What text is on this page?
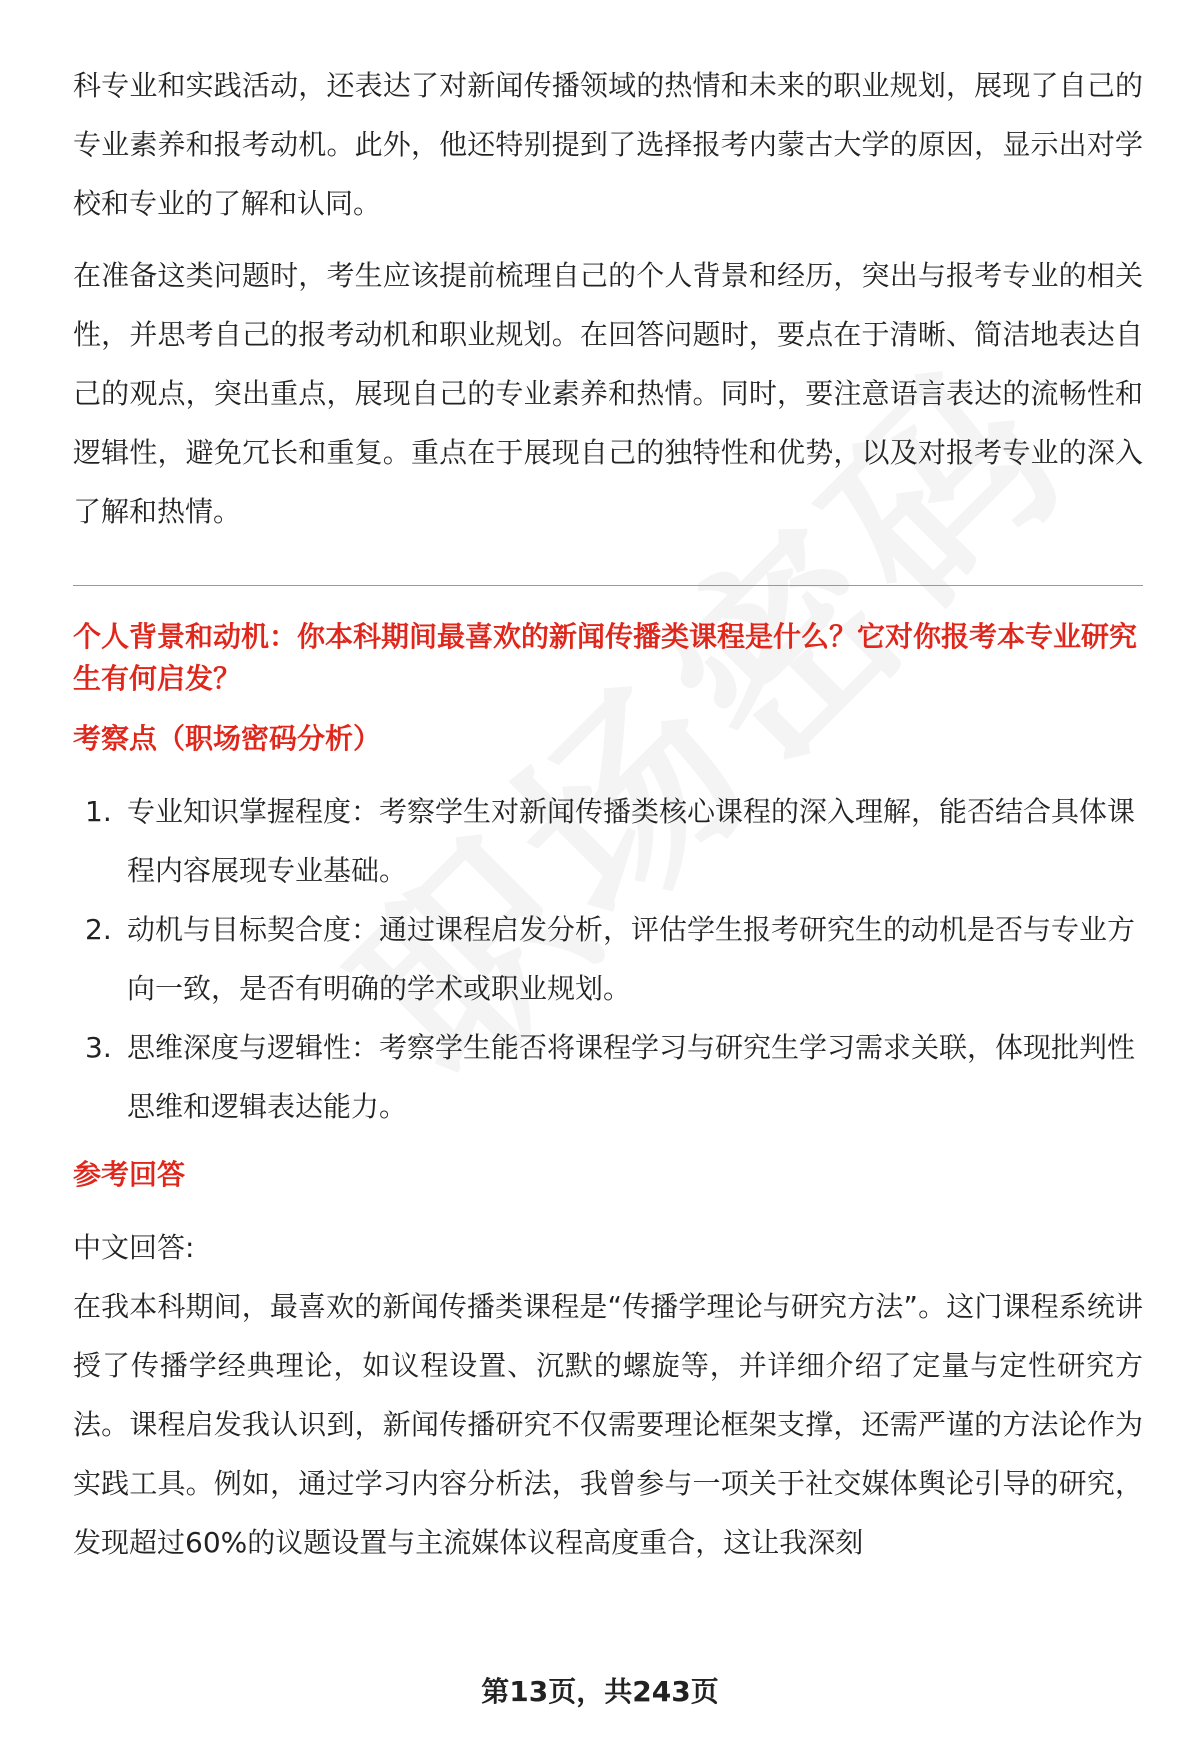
科专业和实践活动，还表达了对新闻传播领域的热情和未来的职业规划，展现了自己的专业素养和报考动机。此外，他还特别提到了选择报考内蒙古大学的原因，显示出对学校和专业的了解和认同。

在准备这类问题时，考生应该提前梳理自己的个人背景和经历，突出与报考专业的相关性，并思考自己的报考动机和职业规划。在回答问题时，要点在于清晰、简洁地表达自己的观点，突出重点，展现自己的专业素养和热情。同时，要注意语言表达的流畅性和逻辑性，避免冗长和重复。重点在于展现自己的独特性和优势，以及对报考专业的深入了解和热情。

个人背景和动机：你本科期间最喜欢的新闻传播类课程是什么？它对你报考本专业研究生有何启发？
考察点（职场密码分析）
1. 专业知识掌握程度：考察学生对新闻传播类核心课程的深入理解，能否结合具体课程内容展现专业基础。
2. 动机与目标契合度：通过课程启发分析，评估学生报考研究生的动机是否与专业方向一致，是否有明确的学术或职业规划。
3. 思维深度与逻辑性：考察学生能否将课程学习与研究生学习需求关联，体现批判性思维和逻辑表达能力。
参考回答

中文回答:

在我本科期间，最喜欢的新闻传播类课程是“传播学理论与研究方法”。这门课程系统讲授了传播学经典理论，如议程设置、沉默的螺旋等，并详细介绍了定量与定性研究方法。课程启发我认识到，新闻传播研究不仅需要理论框架支撑，还需严谨的方法论作为实践工具。例如，通过学习内容分析法，我曾参与一项关于社交媒体舆论引导的研究，发现超过60%的议题设置与主流媒体议程高度重合，这让我深刻

第13页，共243页
